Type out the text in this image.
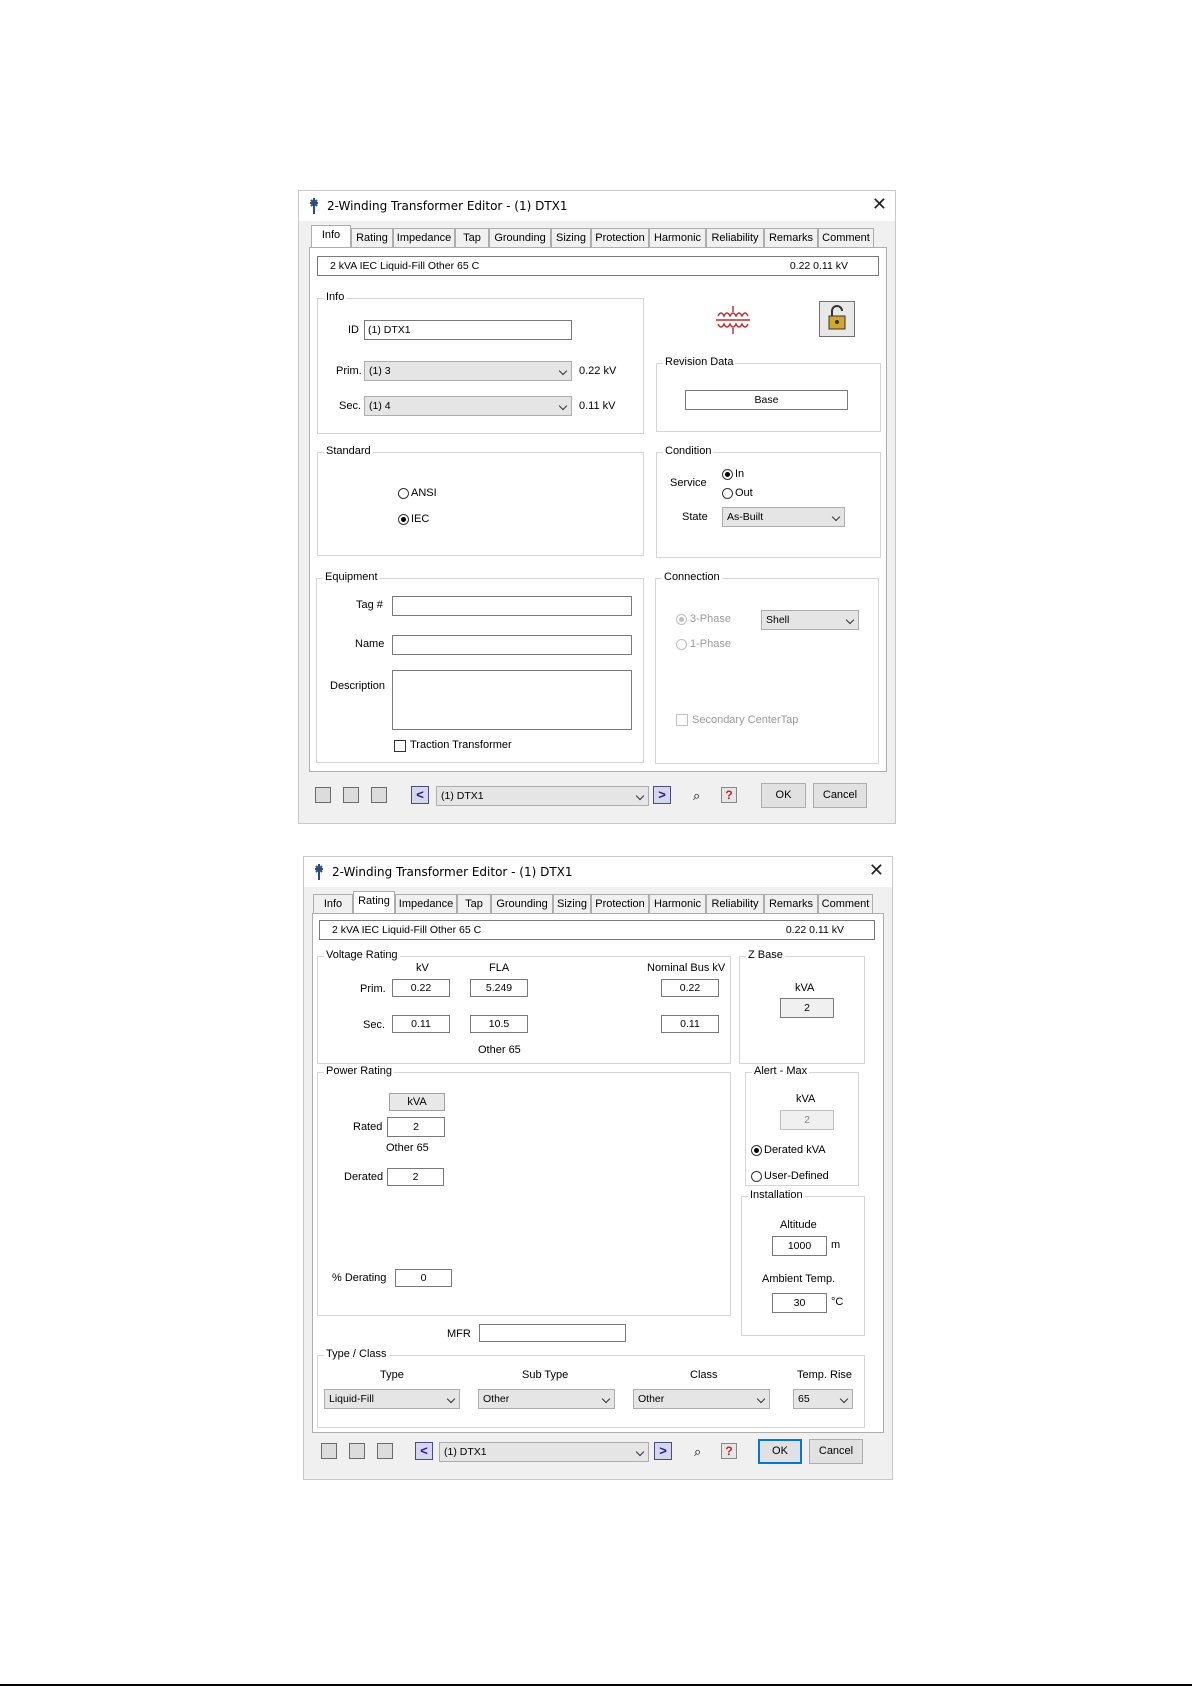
2-Winding Transformer Editor - (1) DTX1	✕
Info	Rating Impedance	Tap	Grounding Sizing Protection Harmonic Reliability Remarks Comment
2 kVA IEC Liquid-Fill Other 65 C	0.22 0.11 kV
Info
ID (1) DTX1
Prim. (1) 3	0.22 kV
Sec. (1) 4	0.11 kV
Revision Data
Base
Standard
ANSI
IEC
Condition
Service
In
Out
State	As-Built
Equipment
Tag #
Name
Description
Traction Transformer
Connection
3-Phase	Shell
1-Phase
Secondary CenterTap
<	(1) DTX1	>	⌕	?	OK	Cancel
2-Winding Transformer Editor - (1) DTX1	✕
Info	Rating Impedance	Tap	Grounding Sizing Protection Harmonic Reliability Remarks Comment
2 kVA IEC Liquid-Fill Other 65 C	0.22 0.11 kV
Voltage Rating
kV	FLA	Nominal Bus kV
Prim.	0.22	5.249	0.22
Sec.	0.11	10.5	0.11
Other 65
Z Base
kVA
2
Power Rating
kVA
Rated	2
Other 65
Derated	2
% Derating	0
Alert - Max
kVA
2
Derated kVA
User-Defined
Installation
Altitude
1000	m
Ambient Temp.
30	°C
MFR
Type / Class
Type	Sub Type	Class	Temp. Rise
Liquid-Fill	Other	Other	65
<	(1) DTX1	>	⌕	?	OK	Cancel
